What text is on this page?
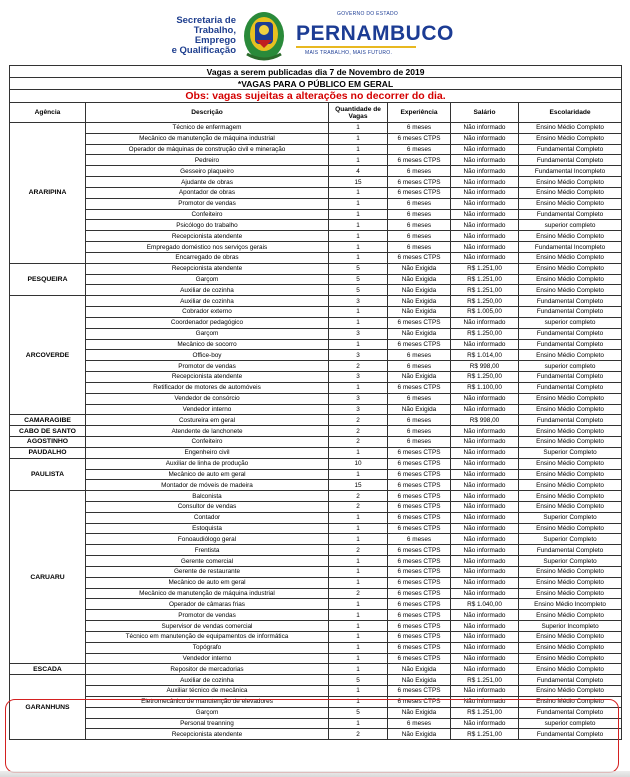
Secretaria de
Trabalho, Emprego
e Qualificação
GOVERNO DO ESTADO
PERNAMBUCO
MAIS TRABALHO, MAIS FUTURO.
Vagas a serem publicadas dia 7 de Novembro de 2019					
*VAGAS PARA O PÚBLICO EM GERAL					
Obs: vagas sujeitas a alterações no decorrer do dia.					
Agência	Descrição	Quantidade de Vagas	Experiência	Salário	Escolaridade
ARARIPINA	Técnico de enfermagem	1	6 meses	Não informado	Ensino Médio Completo
	Mecânico de manutenção de máquina industrial	1	6 meses CTPS	Não informado	Ensino Médio Completo
	Operador de máquinas de construção civil e mineração	1	6 meses	Não informado	Fundamental Completo
	Pedreiro	1	6 meses CTPS	Não informado	Fundamental Completo
	Gesseiro plaqueiro	4	6 meses	Não informado	Fundamental Incompleto
	Ajudante de obras	15	6 meses CTPS	Não informado	Ensino Médio Completo
	Apontador de obras	1	6 meses CTPS	Não informado	Ensino Médio Completo
	Promotor de vendas	1	6 meses	Não informado	Ensino Médio Completo
	Confeiteiro	1	6 meses	Não informado	Fundamental Completo
	Psicólogo do trabalho	1	6 meses	Não informado	superior completo
	Recepcionista atendente	1	6 meses	Não informado	Ensino Médio Completo
	Empregado doméstico nos serviços gerais	1	6 meses	Não informado	Fundamental Incompleto
	Encarregado de obras	1	6 meses CTPS	Não informado	Ensino Médio Completo
PESQUEIRA	Recepcionista atendente	5	Não Exigida	R$ 1.251,00	Ensino Médio Completo
	Garçom	5	Não Exigida	R$ 1.251,00	Ensino Médio Completo
	Auxiliar de cozinha	5	Não Exigida	R$ 1.251,00	Ensino Médio Completo
ARCOVERDE	Auxiliar de cozinha	3	Não Exigida	R$ 1.250,00	Fundamental Completo
	Cobrador externo	1	Não Exigida	R$ 1.005,00	Fundamental Completo
	Coordenador pedagógico	1	6 meses CTPS	Não informado	superior completo
	Garçom	3	Não Exigida	R$ 1.250,00	Fundamental Completo
	Mecânico de socorro	1	6 meses CTPS	Não informado	Fundamental Completo
	Office-boy	3	6 meses	R$ 1.014,00	Ensino Médio Completo
	Promotor de vendas	2	6 meses	R$ 998,00	superior completo
	Recepcionista atendente	3	Não Exigida	R$ 1.250,00	Fundamental Completo
	Retificador de motores de automóveis	1	6 meses CTPS	R$ 1.100,00	Fundamental Completo
	Vendedor de consórcio	3	6 meses	Não informado	Ensino Médio Completo
	Vendedor interno	3	Não Exigida	Não informado	Ensino Médio Completo
CAMARAGIBE	Costureira em geral	2	6 meses	R$ 998,00	Fundamental Completo
CABO DE SANTO	Atendente de lanchonete	2	6 meses	Não informado	Ensino Médio Completo
AGOSTINHO	Confeiteiro	2	6 meses	Não informado	Ensino Médio Completo
PAUDALHO	Engenheiro civil	1	6 meses CTPS	Não informado	Superior Completo
PAULISTA	Auxiliar de linha de produção	10	6 meses CTPS	Não informado	Ensino Médio Completo
	Mecânico de auto em geral	1	6 meses CTPS	Não informado	Ensino Médio Completo
	Montador de móveis de madeira	15	6 meses CTPS	Não informado	Ensino Médio Completo
CARUARU	Balconista	2	6 meses CTPS	Não informado	Ensino Médio Completo
	Consultor de vendas	2	6 meses CTPS	Não informado	Ensino Médio Completo
	Contador	1	6 meses CTPS	Não informado	Superior Completo
	Estoquista	1	6 meses CTPS	Não informado	Ensino Médio Completo
	Fonoaudiólogo geral	1	6 meses	Não informado	Superior Completo
	Frentista	2	6 meses CTPS	Não informado	Fundamental Completo
	Gerente comercial	1	6 meses CTPS	Não informado	Superior Completo
	Gerente de restaurante	1	6 meses CTPS	Não informado	Ensino Médio Completo
	Mecânico de auto em geral	1	6 meses CTPS	Não informado	Ensino Médio Completo
	Mecânico de manutenção de máquina industrial	2	6 meses CTPS	Não informado	Ensino Médio Completo
	Operador de câmaras frias	1	6 meses CTPS	R$ 1.040,00	Ensino Médio Incompleto
	Promotor de vendas	1	6 meses CTPS	Não informado	Ensino Médio Completo
	Supervisor de vendas comercial	1	6 meses CTPS	Não informado	Superior Incompleto
	Técnico em manutenção de equipamentos de informática	1	6 meses CTPS	Não informado	Ensino Médio Completo
	Topógrafo	1	6 meses CTPS	Não informado	Ensino Médio Completo
	Vendedor interno	1	6 meses CTPS	Não informado	Ensino Médio Completo
ESCADA	Repositor de mercadorias	1	Não Exigida	Não informado	Ensino Médio Completo
GARANHUNS	Auxiliar de cozinha	5	Não Exigida	R$ 1.251,00	Fundamental Completo
	Auxiliar técnico de mecânica	1	6 meses CTPS	Não informado	Ensino Médio Completo
	Eletromecânico de manutenção de elevadores	1	6 meses CTPS	Não informado	Ensino Médio Completo
	Garçom	5	Não Exigida	R$ 1.251,00	Fundamental Completo
	Personal treanning	1	6 meses	Não informado	superior completo
	Recepcionista atendente	2	Não Exigida	R$ 1.251,00	Fundamental Completo
